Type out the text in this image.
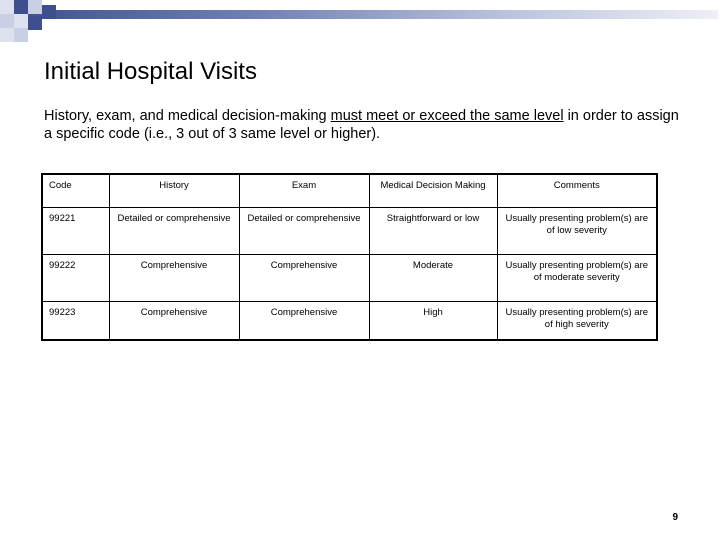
Initial Hospital Visits

History, exam, and medical decision-making must meet or exceed the same level in order to assign a specific code (i.e., 3 out of 3 same level or higher).

Code	History	Exam	Medical Decision Making	Comments
99221	Detailed or comprehensive	Detailed or comprehensive	Straightforward or low	Usually presenting problem(s) are of low severity
99222	Comprehensive	Comprehensive	Moderate	Usually presenting problem(s) are of moderate severity
99223	Comprehensive	Comprehensive	High	Usually presenting problem(s) are of high severity
9
